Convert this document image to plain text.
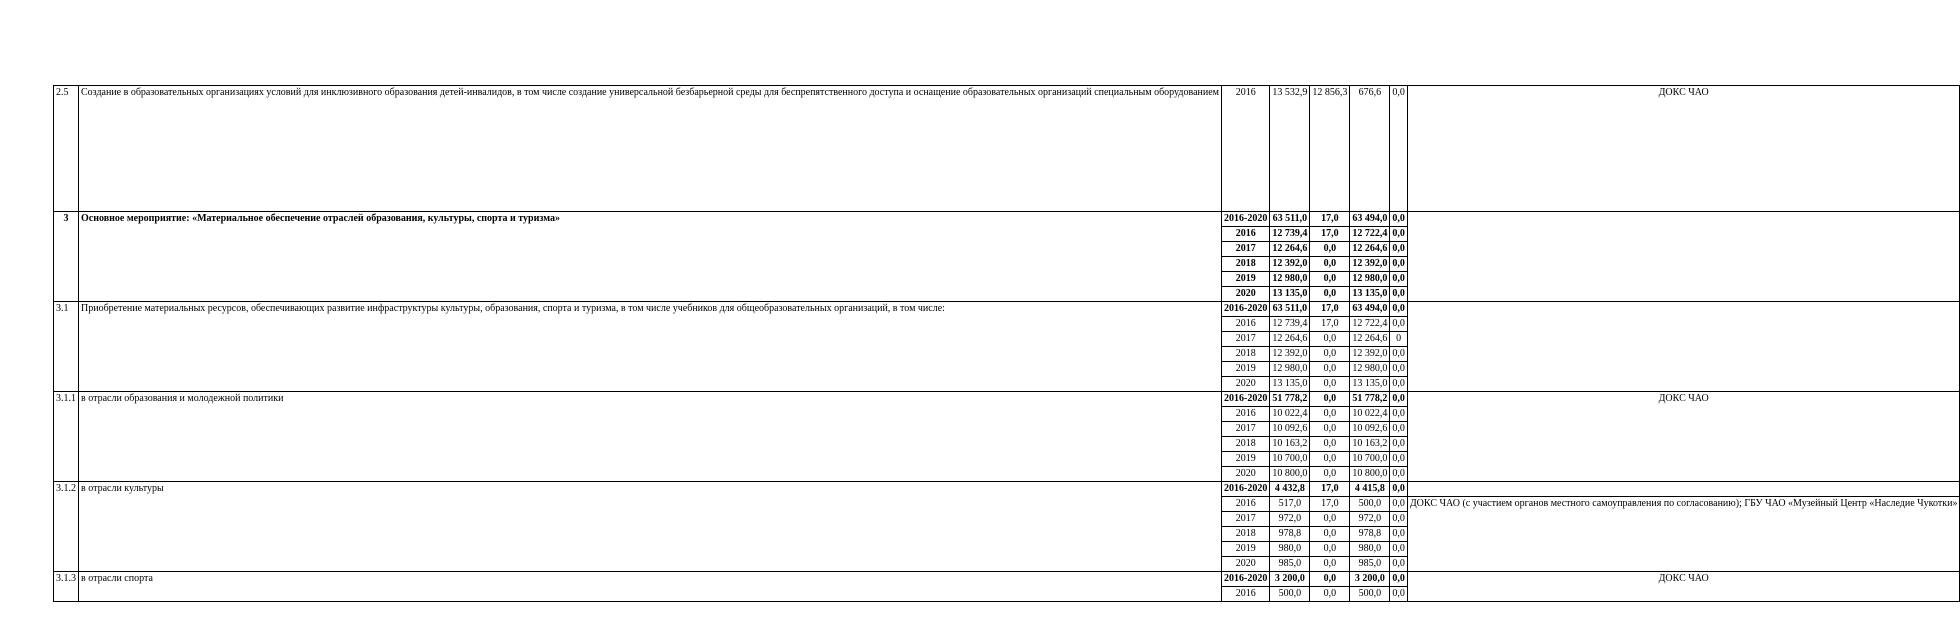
2.5	Создание в образовательных организациях условий для инклюзивного образования детей-инвалидов, в том числе создание универсальной безбарьерной среды для беспрепятственного доступа и оснащение образовательных организаций специальным оборудованием	2016	13 532,9	12 856,3	676,6	0,0	ДОКС ЧАО
3	Основное мероприятие: «Материальное обеспечение отраслей образования, культуры, спорта и туризма»	2016-2020	63 511,0	17,0	63 494,0	0,0	
		2016	12 739,4	17,0	12 722,4	0,0	
		2017	12 264,6	0,0	12 264,6	0,0	
		2018	12 392,0	0,0	12 392,0	0,0	
		2019	12 980,0	0,0	12 980,0	0,0	
		2020	13 135,0	0,0	13 135,0	0,0	
3.1	Приобретение материальных ресурсов, обеспечивающих развитие инфраструктуры культуры, образования, спорта и туризма, в том числе учебников для общеобразовательных организаций, в том числе:	2016-2020	63 511,0	17,0	63 494,0	0,0	
		2016	12 739,4	17,0	12 722,4	0,0	
		2017	12 264,6	0,0	12 264,6	0	
		2018	12 392,0	0,0	12 392,0	0,0	
		2019	12 980,0	0,0	12 980,0	0,0	
		2020	13 135,0	0,0	13 135,0	0,0	
3.1.1	в отрасли образования и молодежной политики	2016-2020	51 778,2	0,0	51 778,2	0,0	ДОКС ЧАО
		2016	10 022,4	0,0	10 022,4	0,0	
		2017	10 092,6	0,0	10 092,6	0,0	
		2018	10 163,2	0,0	10 163,2	0,0	
		2019	10 700,0	0,0	10 700,0	0,0	
		2020	10 800,0	0,0	10 800,0	0,0	
3.1.2	в отрасли культуры	2016-2020	4 432,8	17,0	4 415,8	0,0	
		2016	517,0	17,0	500,0	0,0	ДОКС ЧАО (с участием органов местного самоуправления по согласованию); ГБУ ЧАО «Музейный Центр «Наследие Чукотки»
		2017	972,0	0,0	972,0	0,0	
		2018	978,8	0,0	978,8	0,0	
		2019	980,0	0,0	980,0	0,0	
		2020	985,0	0,0	985,0	0,0	
3.1.3	в отрасли спорта	2016-2020	3 200,0	0,0	3 200,0	0,0	ДОКС ЧАО
		2016	500,0	0,0	500,0	0,0	
